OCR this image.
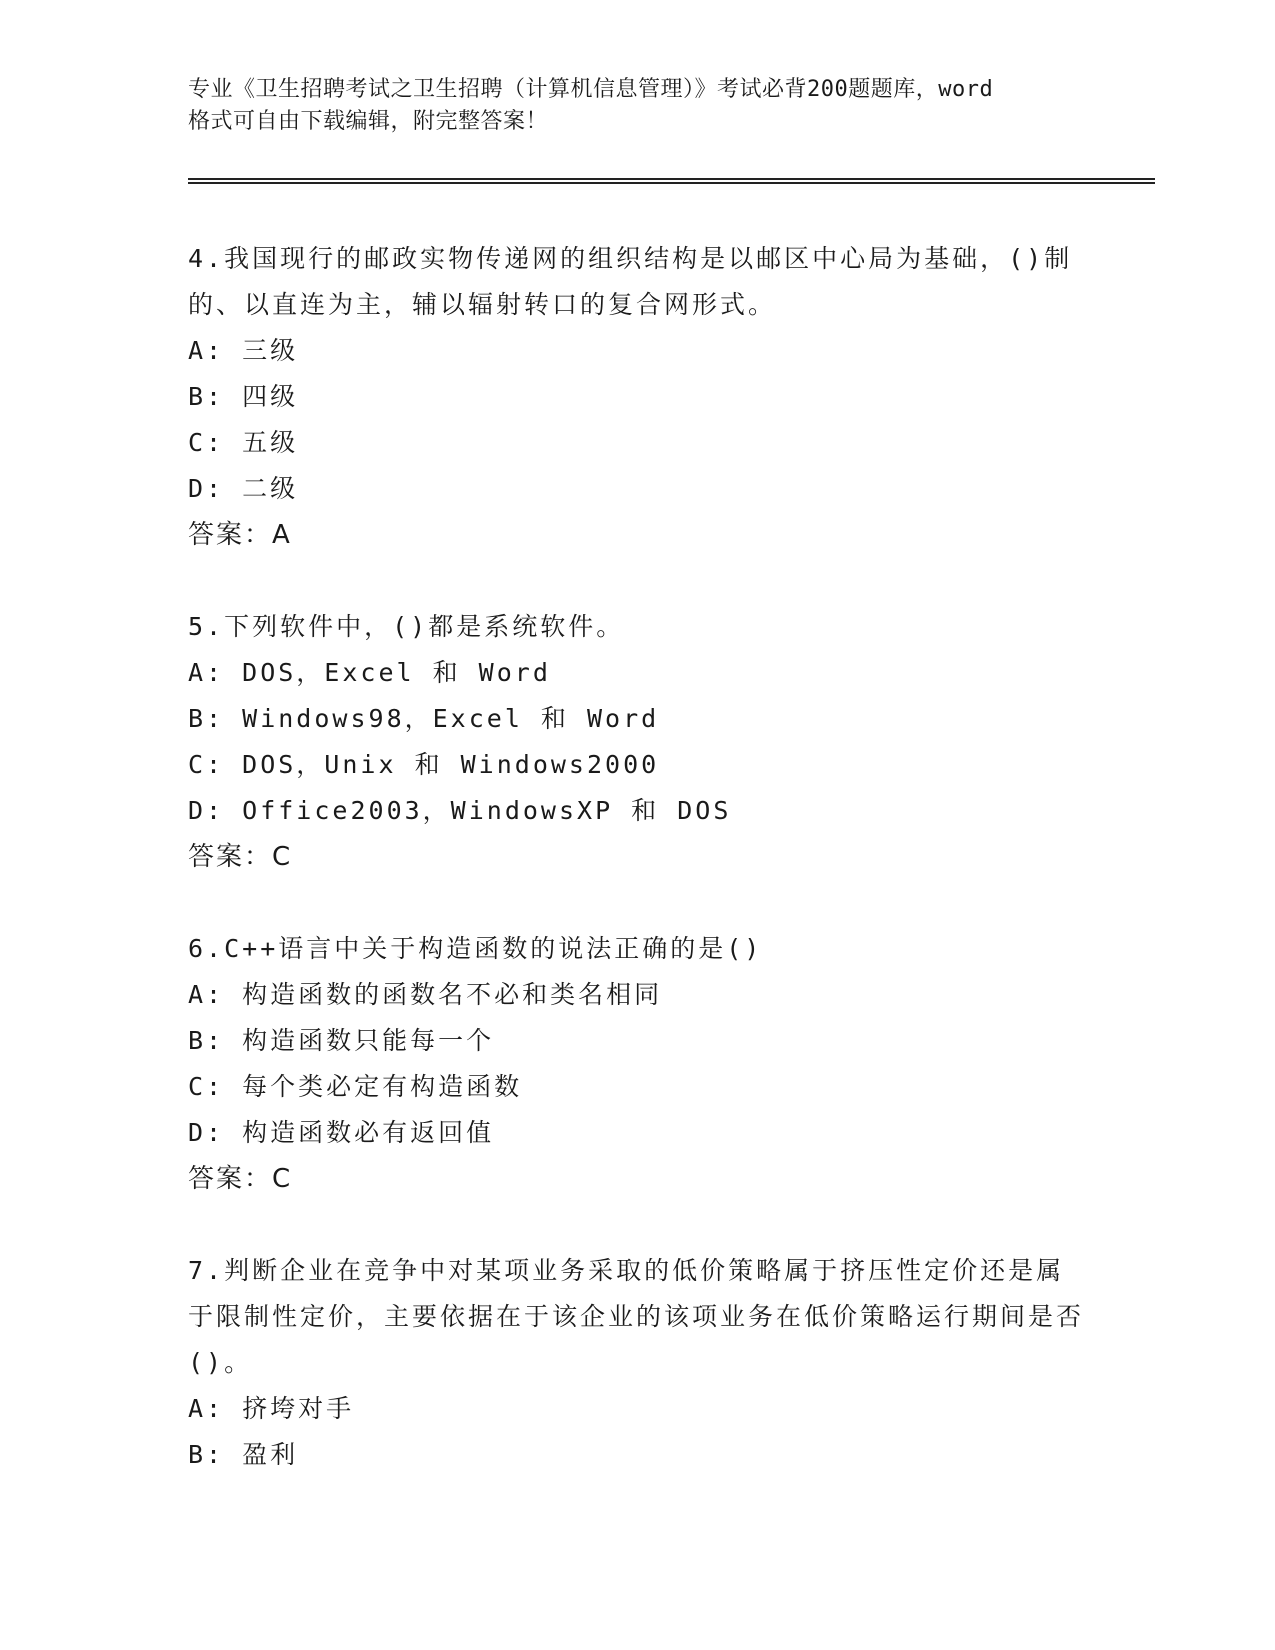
专业《卫生招聘考试之卫生招聘（计算机信息管理）》考试必背200题题库，word
格式可自由下载编辑，附完整答案！

4.我国现行的邮政实物传递网的组织结构是以邮区中心局为基础，()制的、以直连为主，辅以辐射转口的复合网形式。

A: 三级

B: 四级

C: 五级

D: 二级

答案：A

5.下列软件中，()都是系统软件。

A: DOS，Excel 和 Word

B: Windows98，Excel 和 Word

C: DOS，Unix 和 Windows2000

D: Office2003，WindowsXP 和 DOS

答案：C

6.C++语言中关于构造函数的说法正确的是()

A: 构造函数的函数名不必和类名相同

B: 构造函数只能每一个

C: 每个类必定有构造函数

D: 构造函数必有返回值

答案：C

7.判断企业在竞争中对某项业务采取的低价策略属于挤压性定价还是属于限制性定价，主要依据在于该企业的该项业务在低价策略运行期间是否()。

A: 挤垮对手

B: 盈利
